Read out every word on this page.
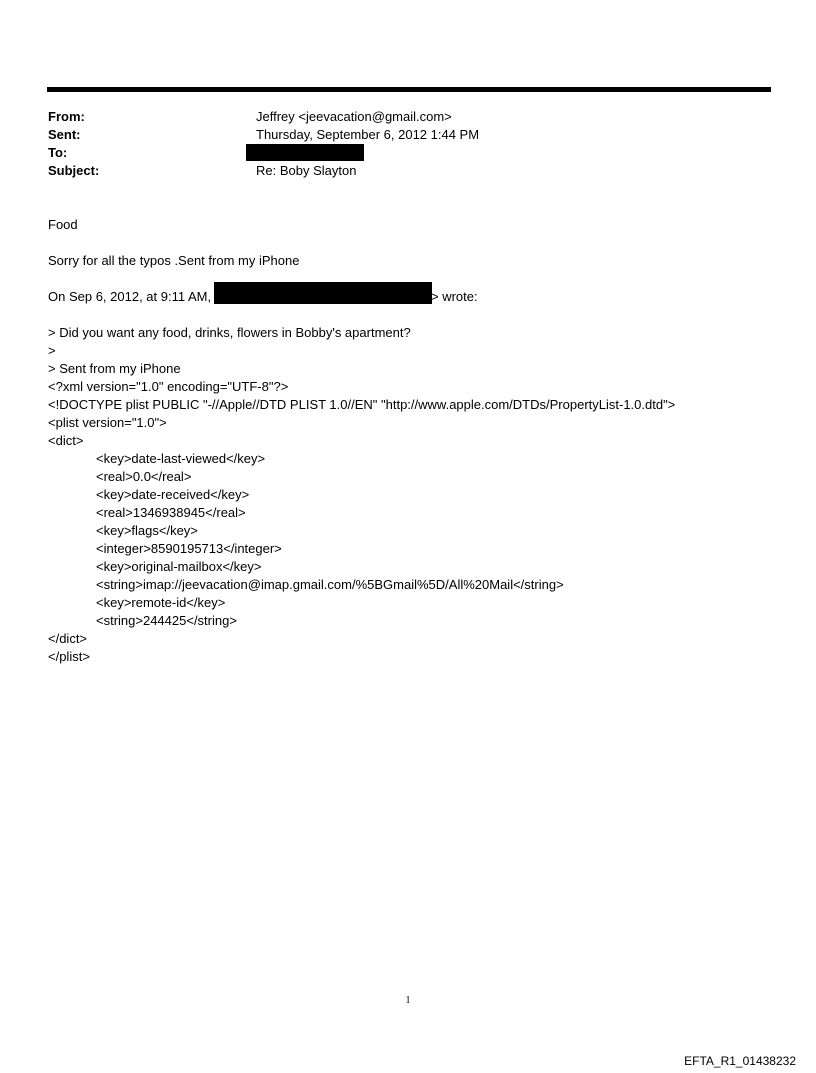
From:	Jeffrey <jeevacation@gmail.com>
Sent:	Thursday, September 6, 2012 1:44 PM
To:
Subject:	Re: Boby Slayton
Food
Sorry for all the typos .Sent from my iPhone
On Sep 6, 2012, at 9:11 AM,	> wrote:
> Did you want any food, drinks, flowers in Bobby's apartment?
>
> Sent from my iPhone
<?xml version="1.0" encoding="UTF-8"?>
<!DOCTYPE plist PUBLIC "-//Apple//DTD PLIST 1.0//EN" "http://www.apple.com/DTDs/PropertyList-1.0.dtd">
<plist version="1.0">
<dict>
<key>date-last-viewed</key>
<real>0.0</real>
<key>date-received</key>
<real>1346938945</real>
<key>flags</key>
<integer>8590195713</integer>
<key>original-mailbox</key>
<string>imap://jeevacation@imap.gmail.com/%5BGmail%5D/All%20Mail</string>
<key>remote-id</key>
<string>244425</string>
</dict>
</plist>
1
EFTA_R1_01438232
